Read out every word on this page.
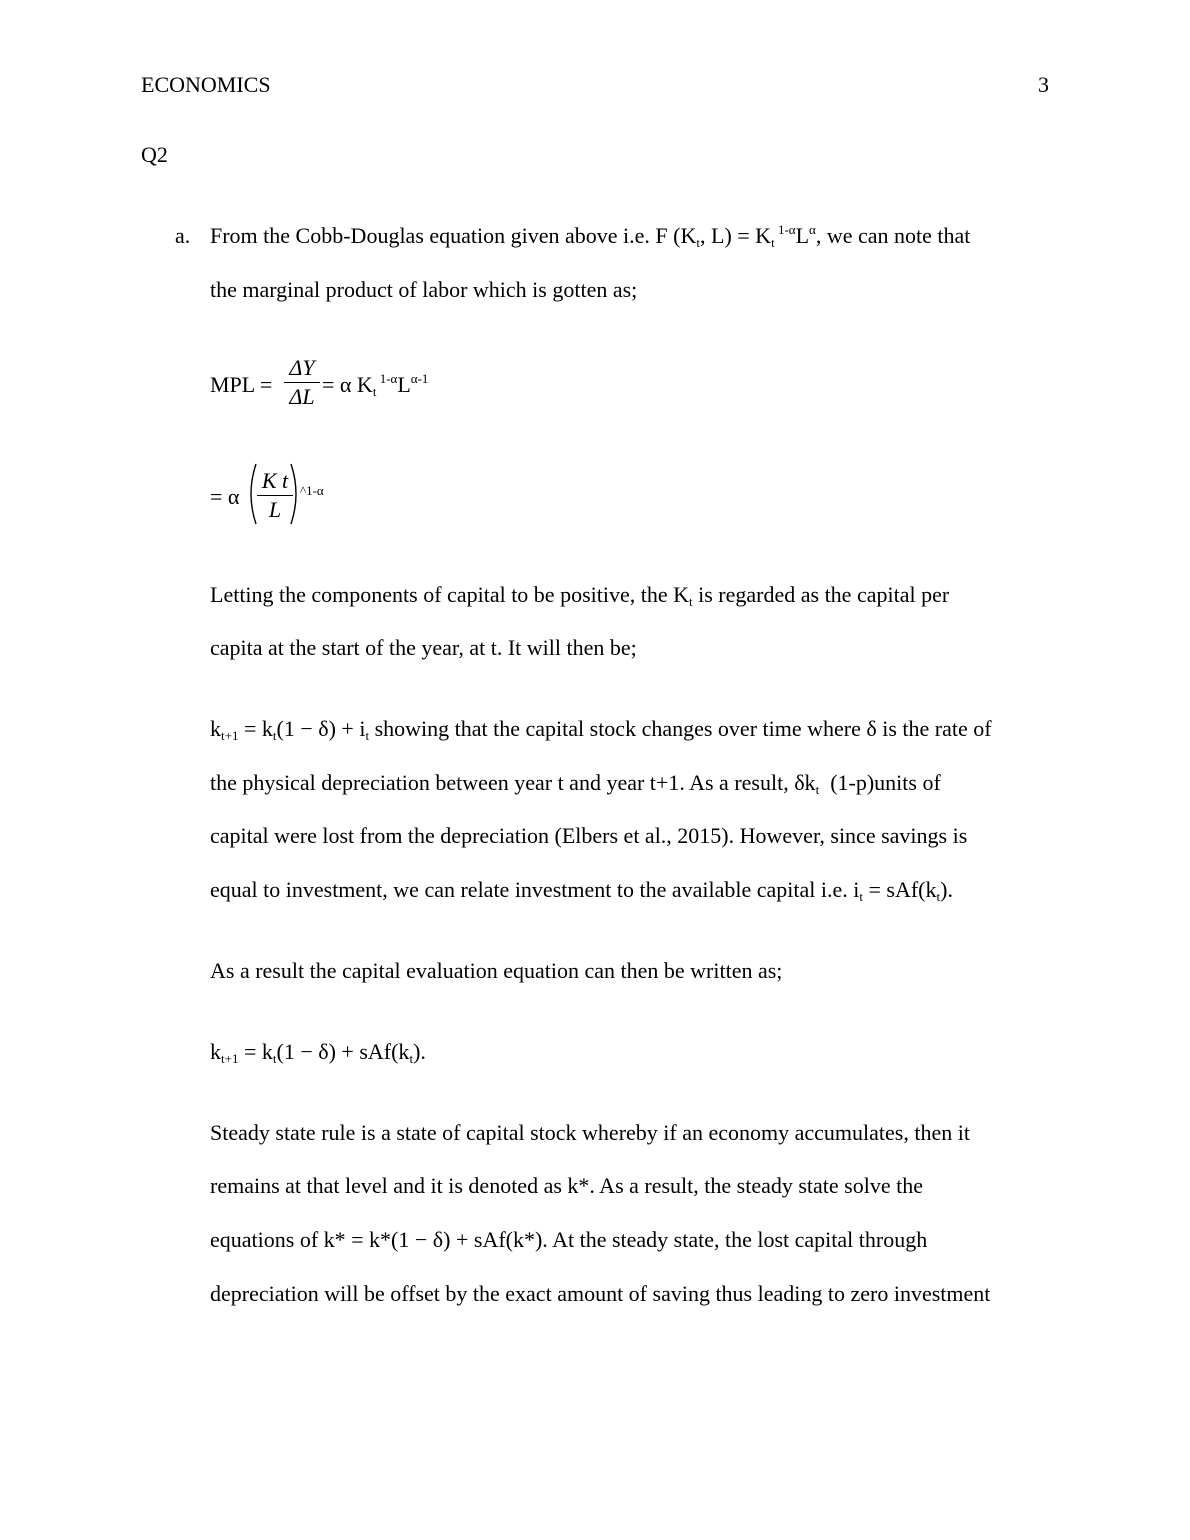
ECONOMICS	3
Q2
a. From the Cobb-Douglas equation given above i.e. F ($K_t$, $L) = K_t$ $^{1-\alpha}L^\alpha$, we can note that
the marginal product of labor which is gotten as;
MPL =
ΔY
ΔL = α $K_t$ $^{1-\alpha}L^{\alpha-1}$
= α
K t
L
^1-α
Letting the components of capital to be positive, the $K_t$ is regarded as the capital per
capita at the start of the year, at t. It will then be;
$k_{t+1} = k_t(1 - \delta) + i_t$ showing that the capital stock changes over time where δ is the rate of
the physical depreciation between year t and year t+1. As a result, $\delta k_t$  (1-p)units of
capital were lost from the depreciation (Elbers et al., 2015). However, since savings is
equal to investment, we can relate investment to the available capital i.e. $i_t = sAf(k_t)$.
As a result the capital evaluation equation can then be written as;
$k_{t+1} = k_t(1 - \delta) + sAf(k_t)$.
Steady state rule is a state of capital stock whereby if an economy accumulates, then it
remains at that level and it is denoted as k*. As a result, the steady state solve the
equations of k* = k*(1 − δ) + sAf(k*). At the steady state, the lost capital through
depreciation will be offset by the exact amount of saving thus leading to zero investment
